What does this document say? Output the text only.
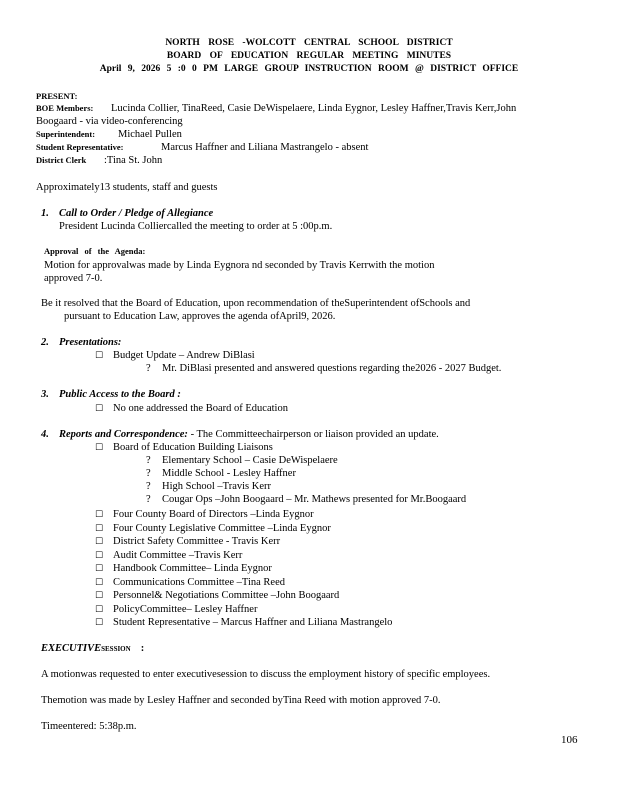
NORTH ROSE -WOLCOTT CENTRAL SCHOOL DISTRICT
BOARD OF EDUCATION REGULAR MEETING MINUTES
April 9, 2026 5 :0 0 PM LARGE GROUP INSTRUCTION ROOM @ DISTRICT OFFICE
PRESENT:
BOE Members: Lucinda Collier, TinaReed, Casie DeWispelaere, Linda Eygnor, Lesley Haffner,Travis Kerr,John
Boogaard - via video-conferencing
Superintendent: Michael Pullen
Student Representative:	Marcus Haffner and Liliana Mastrangelo - absent
District Clerk :Tina St. John
Approximately13 students, staff and guests
1. Call to Order / Pledge of Allegiance
President Lucinda Colliercalled the meeting to order at 5 :00p.m.
Approval of the Agenda:
Motion for approvalwas made by Linda Eygnora nd seconded by Travis Kerrwith the motion
approved 7-0.
Be it resolved that the Board of Education, upon recommendation of theSuperintendent ofSchools and
pursuant to Education Law, approves the agenda ofApril9, 2026.
2. Presentations:
☐ Budget Update – Andrew DiBlasi
? Mr. DiBlasi presented and answered questions regarding the2026 - 2027 Budget.
3. Public Access to the Board :
☐ No one addressed the Board of Education
4. Reports and Correspondence: - The Committeechairperson or liaison provided an update.
☐ Board of Education Building Liaisons
? Elementary School – Casie DeWispelaere
? Middle School - Lesley Haffner
? High School –Travis Kerr
? Cougar Ops –John Boogaard – Mr. Mathews presented for Mr.Boogaard
☐ Four County Board of Directors –Linda Eygnor
☐ Four County Legislative Committee –Linda Eygnor
☐ District Safety Committee - Travis Kerr
☐ Audit Committee –Travis Kerr
☐ Handbook Committee– Linda Eygnor
☐ Communications Committee –Tina Reed
☐ Personnel& Negotiations Committee –John Boogaard
☐ PolicyCommittee– Lesley Haffner
☐ Student Representative – Marcus Haffner and Liliana Mastrangelo
EXECUTIVESESSION :
A motionwas requested to enter executivesession to discuss the employment history of specific employees.
Themotion was made by Lesley Haffner and seconded byTina Reed with motion approved 7-0.
Timeentered: 5:38p.m.
106
